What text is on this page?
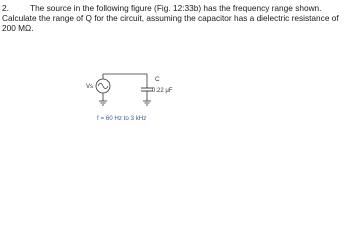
2.	The source in the following figure (Fig. 12:33b) has the frequency range shown.
Calculate the range of Q for the circuit, assuming the capacitor has a dielectric resistance of
200 MΩ.
Vs
C
0.22 μF
f = 60 Hz to 3 kHz
